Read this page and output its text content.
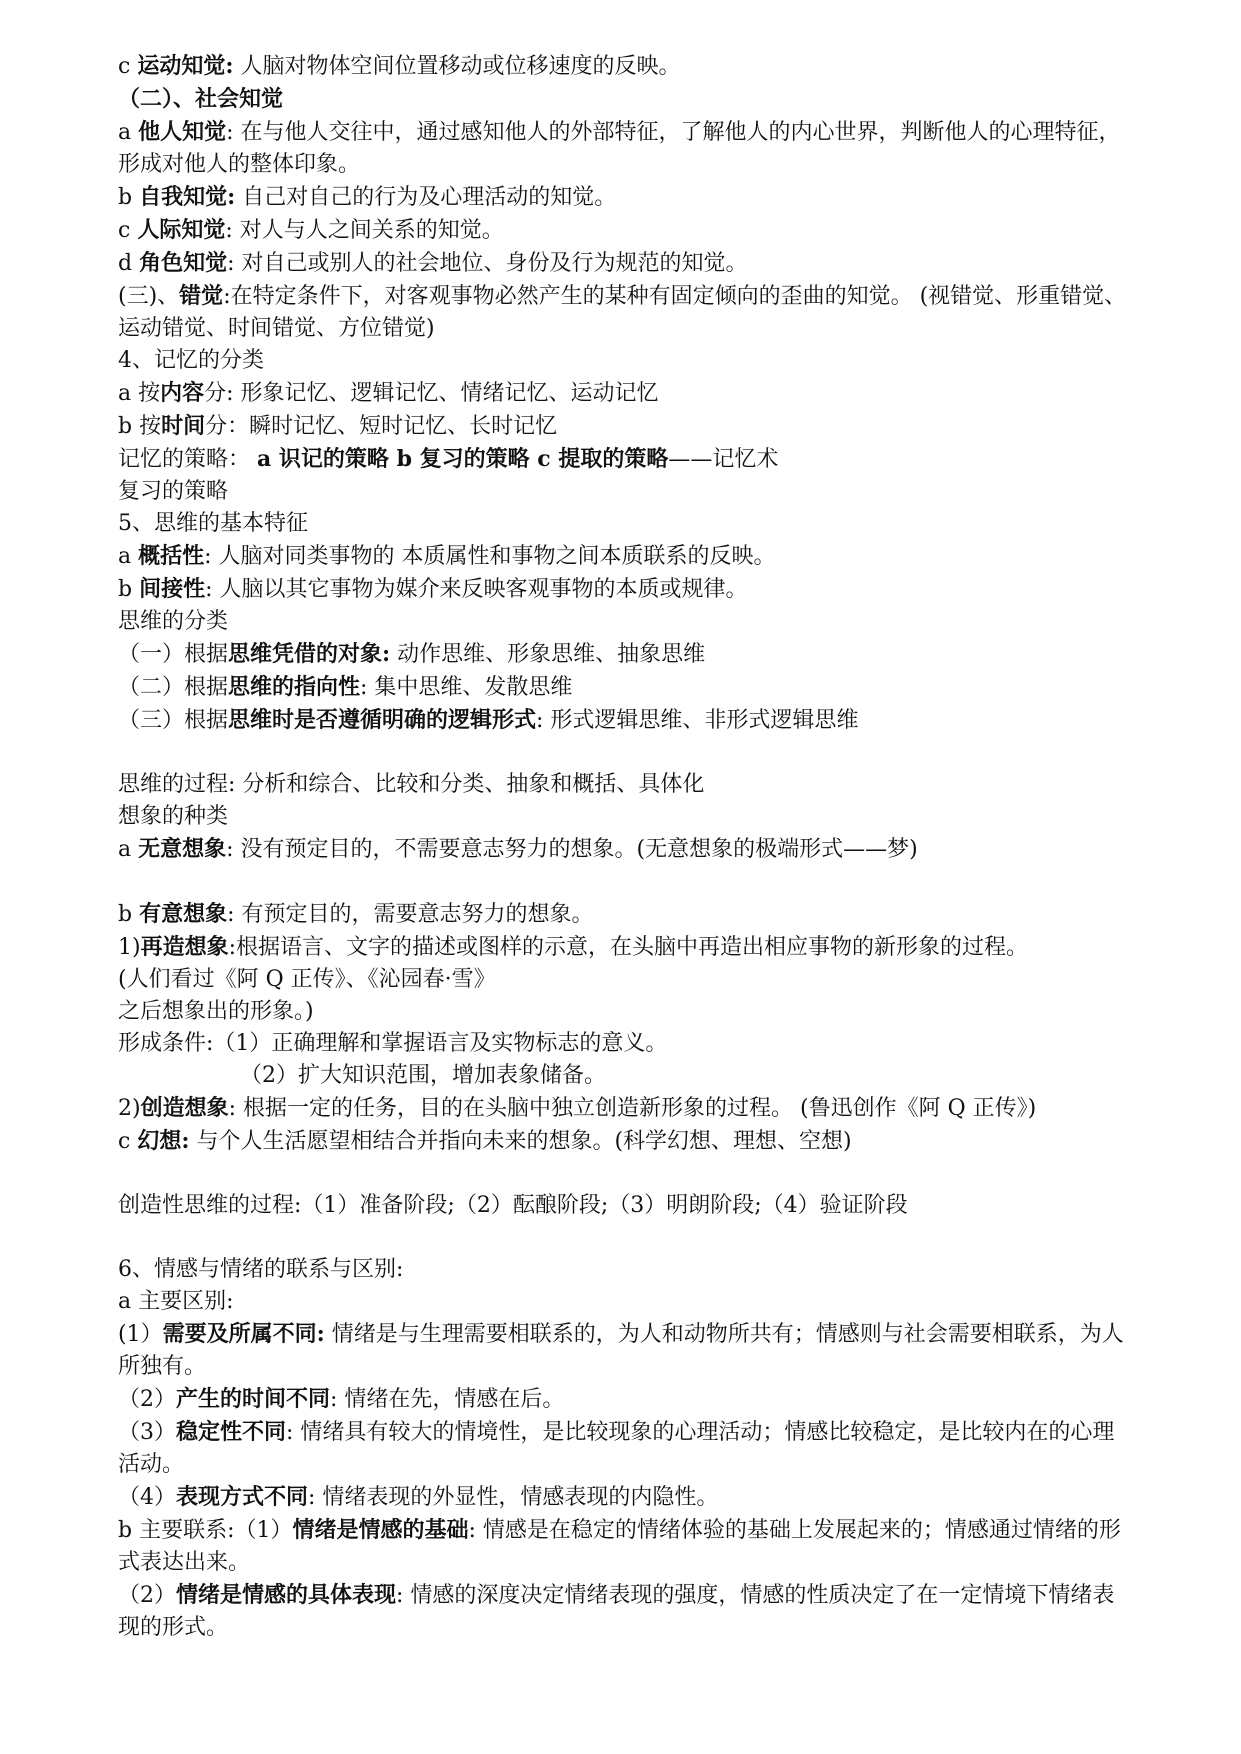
c 运动知觉: 人脑对物体空间位置移动或位移速度的反映。
（二）、社会知觉
a 他人知觉: 在与他人交往中，通过感知他人的外部特征，了解他人的内心世界，判断他人的心理特征，形成对他人的整体印象。
b 自我知觉: 自己对自己的行为及心理活动的知觉。
c 人际知觉: 对人与人之间关系的知觉。
d 角色知觉: 对自己或别人的社会地位、身份及行为规范的知觉。
(三)、错觉:在特定条件下，对客观事物必然产生的某种有固定倾向的歪曲的知觉。 (视错觉、形重错觉、运动错觉、时间错觉、方位错觉)
4、记忆的分类
a 按内容分: 形象记忆、逻辑记忆、情绪记忆、运动记忆
b 按时间分：瞬时记忆、短时记忆、长时记忆
记忆的策略： a 识记的策略 b 复习的策略 c 提取的策略——记忆术
复习的策略
5、思维的基本特征
a 概括性: 人脑对同类事物的 本质属性和事物之间本质联系的反映。
b 间接性: 人脑以其它事物为媒介来反映客观事物的本质或规律。
思维的分类
（一）根据思维凭借的对象: 动作思维、形象思维、抽象思维
（二）根据思维的指向性: 集中思维、发散思维
（三）根据思维时是否遵循明确的逻辑形式: 形式逻辑思维、非形式逻辑思维
思维的过程: 分析和综合、比较和分类、抽象和概括、具体化
想象的种类
a 无意想象: 没有预定目的，不需要意志努力的想象。(无意想象的极端形式——梦)
b 有意想象: 有预定目的，需要意志努力的想象。
1)再造想象:根据语言、文字的描述或图样的示意，在头脑中再造出相应事物的新形象的过程。
(人们看过《阿 Q 正传》、《沁园春·雪》
之后想象出的形象。)
形成条件:（1）正确理解和掌握语言及实物标志的意义。
（2）扩大知识范围，增加表象储备。
2)创造想象: 根据一定的任务，目的在头脑中独立创造新形象的过程。 (鲁迅创作《阿 Q 正传》)
c 幻想: 与个人生活愿望相结合并指向未来的想象。(科学幻想、理想、空想)
创造性思维的过程:（1）准备阶段;（2）酝酿阶段;（3）明朗阶段;（4）验证阶段
6、情感与情绪的联系与区别:
a 主要区别:
(1）需要及所属不同: 情绪是与生理需要相联系的，为人和动物所共有；情感则与社会需要相联系，为人所独有。
（2）产生的时间不同: 情绪在先，情感在后。
（3）稳定性不同: 情绪具有较大的情境性，是比较现象的心理活动；情感比较稳定，是比较内在的心理活动。
（4）表现方式不同: 情绪表现的外显性，情感表现的内隐性。
b 主要联系:（1）情绪是情感的基础: 情感是在稳定的情绪体验的基础上发展起来的；情感通过情绪的形式表达出来。
（2）情绪是情感的具体表现: 情感的深度决定情绪表现的强度，情感的性质决定了在一定情境下情绪表现的形式。
